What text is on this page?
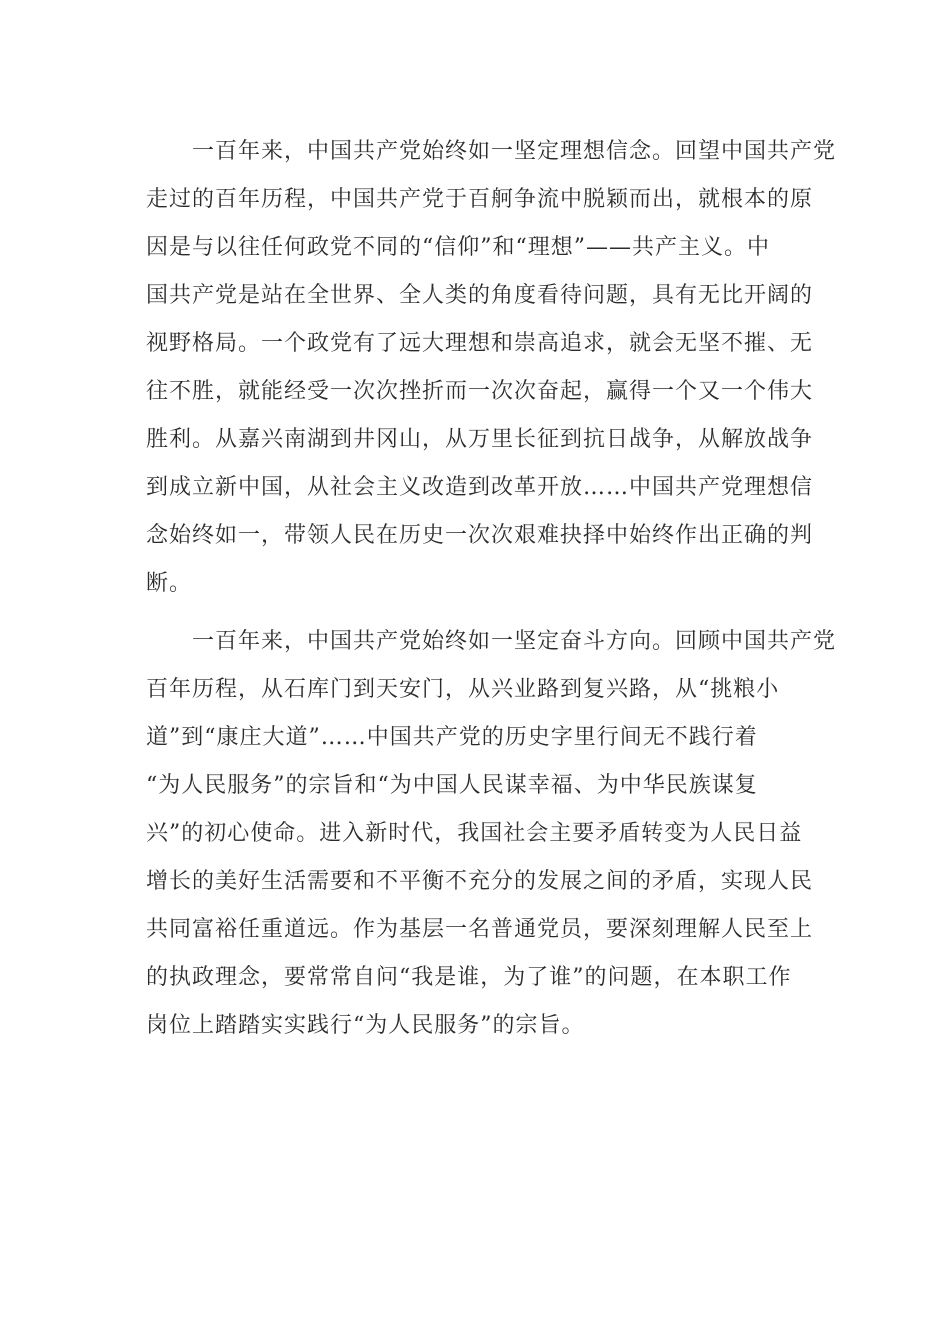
　　一百年来，中国共产党始终如一坚定理想信念。回望中国共产党
走过的百年历程，中国共产党于百舸争流中脱颖而出，就根本的原
因是与以往任何政党不同的“信仰”和“理想”——共产主义。中
国共产党是站在全世界、全人类的角度看待问题，具有无比开阔的
视野格局。一个政党有了远大理想和崇高追求，就会无坚不摧、无
往不胜，就能经受一次次挫折而一次次奋起，赢得一个又一个伟大
胜利。从嘉兴南湖到井冈山，从万里长征到抗日战争，从解放战争
到成立新中国，从社会主义改造到改革开放……中国共产党理想信
念始终如一，带领人民在历史一次次艰难抉择中始终作出正确的判
断。
　　一百年来，中国共产党始终如一坚定奋斗方向。回顾中国共产党
百年历程，从石库门到天安门，从兴业路到复兴路，从“挑粮小
道”到“康庄大道”……中国共产党的历史字里行间无不践行着
“为人民服务”的宗旨和“为中国人民谋幸福、为中华民族谋复
兴”的初心使命。进入新时代，我国社会主要矛盾转变为人民日益
增长的美好生活需要和不平衡不充分的发展之间的矛盾，实现人民
共同富裕任重道远。作为基层一名普通党员，要深刻理解人民至上
的执政理念，要常常自问“我是谁，为了谁”的问题，在本职工作
岗位上踏踏实实践行“为人民服务”的宗旨。
